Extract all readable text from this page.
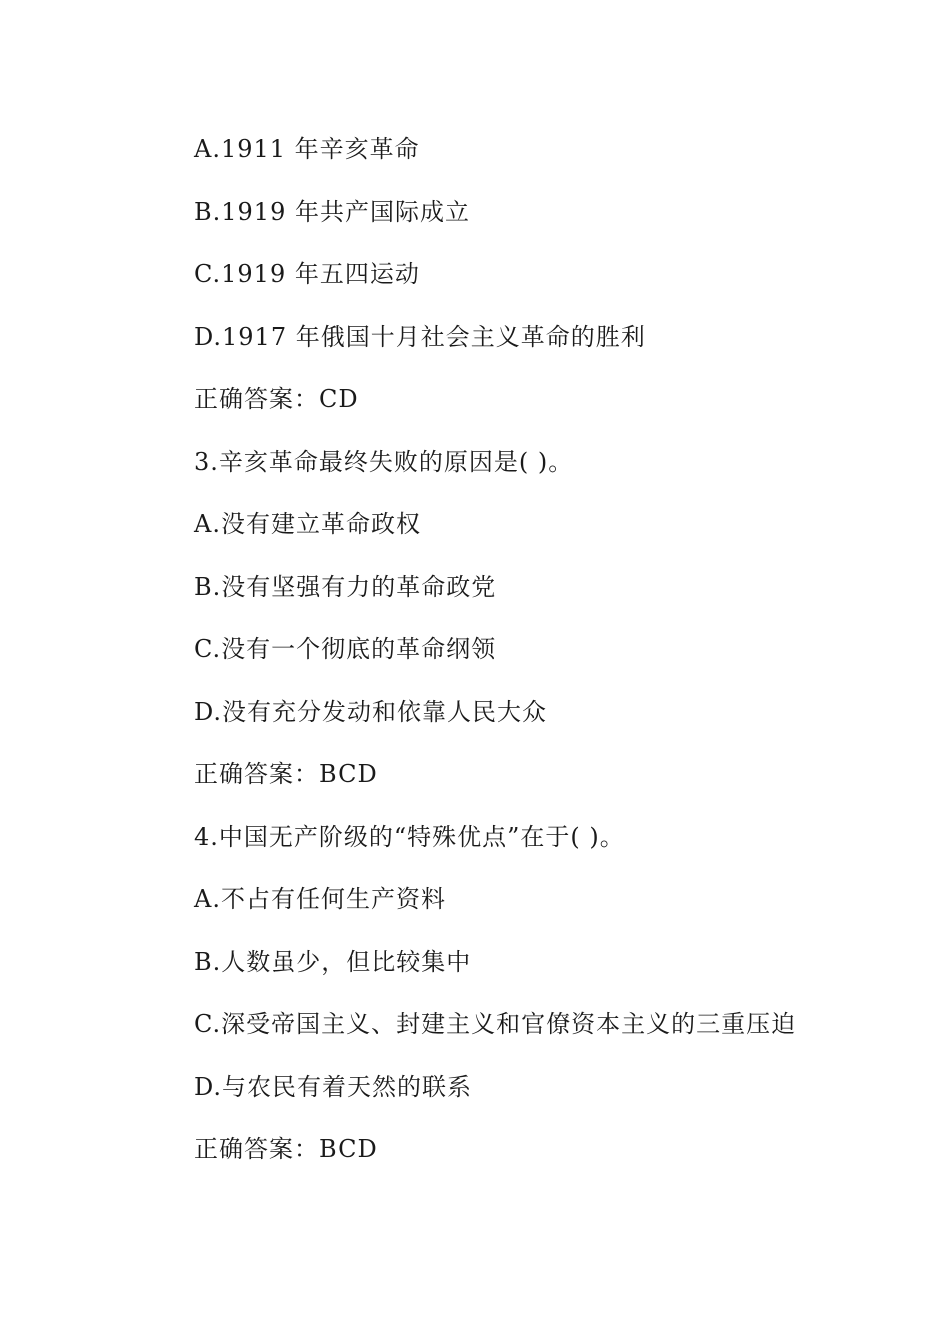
A.1911 年辛亥革命
B.1919 年共产国际成立
C.1919 年五四运动
D.1917 年俄国十月社会主义革命的胜利
正确答案：CD
3.辛亥革命最终失败的原因是( )。
A.没有建立革命政权
B.没有坚强有力的革命政党
C.没有一个彻底的革命纲领
D.没有充分发动和依靠人民大众
正确答案：BCD
4.中国无产阶级的“特殊优点”在于( )。
A.不占有任何生产资料
B.人数虽少，但比较集中
C.深受帝国主义、封建主义和官僚资本主义的三重压迫
D.与农民有着天然的联系
正确答案：BCD
